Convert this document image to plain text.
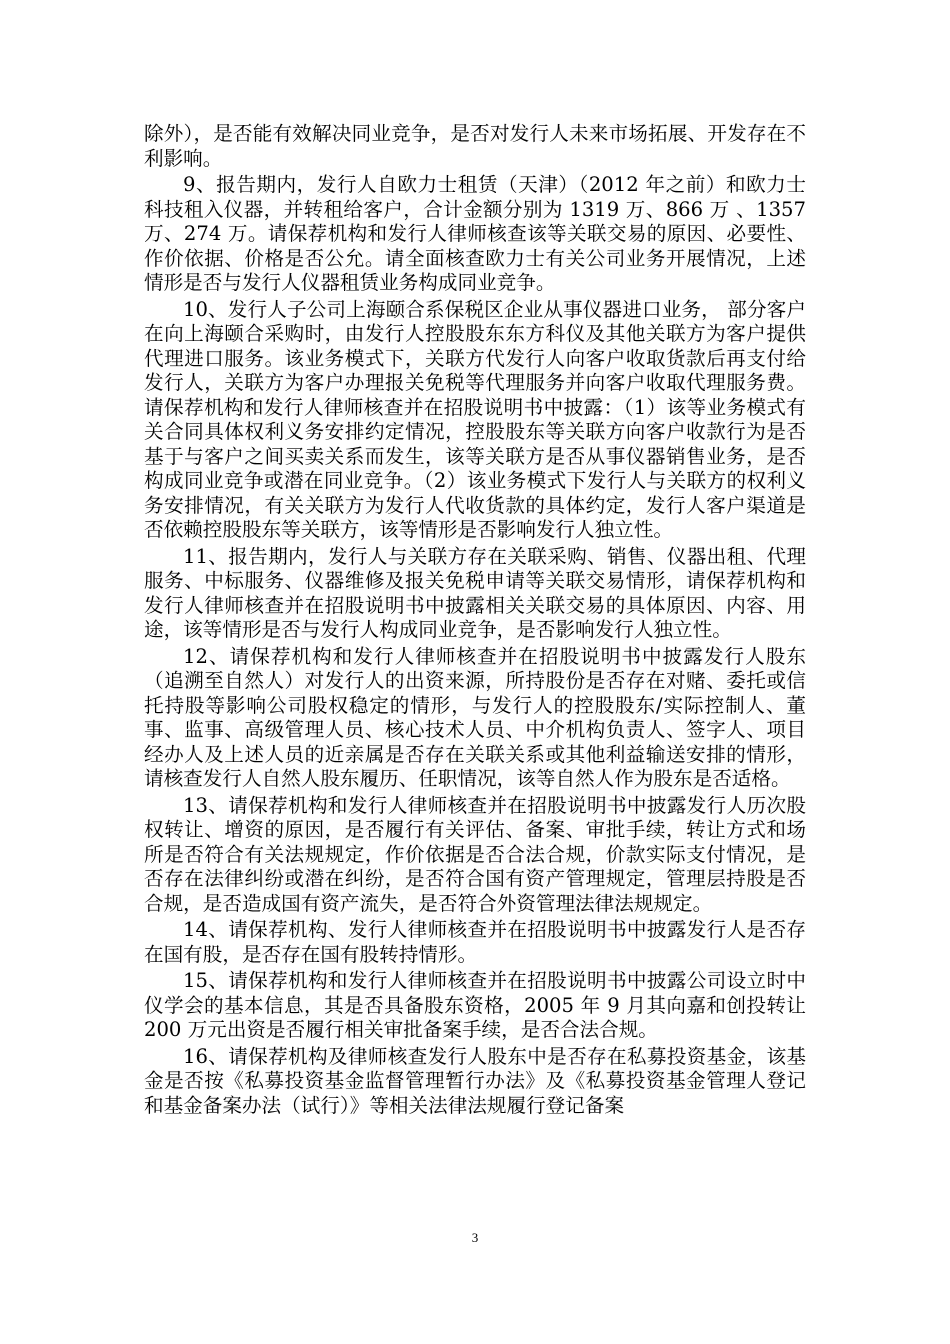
除外），是否能有效解决同业竞争，是否对发行人未来市场拓展、开发存在不利影响。

9、报告期内，发行人自欧力士租赁（天津）（2012 年之前）和欧力士科技租入仪器，并转租给客户，合计金额分别为 1319 万、866 万 、1357 万、274 万。请保荐机构和发行人律师核查该等关联交易的原因、必要性、作价依据、价格是否公允。请全面核查欧力士有关公司业务开展情况，上述情形是否与发行人仪器租赁业务构成同业竞争。

10、发行人子公司上海颐合系保税区企业从事仪器进口业务， 部分客户在向上海颐合采购时，由发行人控股股东东方科仪及其他关联方为客户提供代理进口服务。该业务模式下，关联方代发行人向客户收取货款后再支付给发行人，关联方为客户办理报关免税等代理服务并向客户收取代理服务费。请保荐机构和发行人律师核查并在招股说明书中披露：（1）该等业务模式有关合同具体权利义务安排约定情况，控股股东等关联方向客户收款行为是否基于与客户之间买卖关系而发生，该等关联方是否从事仪器销售业务，是否构成同业竞争或潜在同业竞争。（2）该业务模式下发行人与关联方的权利义务安排情况，有关关联方为发行人代收货款的具体约定，发行人客户渠道是否依赖控股股东等关联方，该等情形是否影响发行人独立性。

11、报告期内，发行人与关联方存在关联采购、销售、仪器出租、代理服务、中标服务、仪器维修及报关免税申请等关联交易情形，请保荐机构和发行人律师核查并在招股说明书中披露相关关联交易的具体原因、内容、用途，该等情形是否与发行人构成同业竞争，是否影响发行人独立性。

12、请保荐机构和发行人律师核查并在招股说明书中披露发行人股东（追溯至自然人）对发行人的出资来源，所持股份是否存在对赌、委托或信托持股等影响公司股权稳定的情形，与发行人的控股股东/实际控制人、董事、监事、高级管理人员、核心技术人员、中介机构负责人、签字人、项目经办人及上述人员的近亲属是否存在关联关系或其他利益输送安排的情形，请核查发行人自然人股东履历、任职情况，该等自然人作为股东是否适格。

13、请保荐机构和发行人律师核查并在招股说明书中披露发行人历次股权转让、增资的原因，是否履行有关评估、备案、审批手续，转让方式和场所是否符合有关法规规定，作价依据是否合法合规，价款实际支付情况，是否存在法律纠纷或潜在纠纷，是否符合国有资产管理规定，管理层持股是否合规，是否造成国有资产流失，是否符合外资管理法律法规规定。

14、请保荐机构、发行人律师核查并在招股说明书中披露发行人是否存在国有股，是否存在国有股转持情形。

15、请保荐机构和发行人律师核查并在招股说明书中披露公司设立时中仪学会的基本信息，其是否具备股东资格，2005 年 9 月其向嘉和创投转让 200 万元出资是否履行相关审批备案手续，是否合法合规。

16、请保荐机构及律师核查发行人股东中是否存在私募投资基金，该基金是否按《私募投资基金监督管理暂行办法》及《私募投资基金管理人登记和基金备案办法（试行）》等相关法律法规履行登记备案

3
